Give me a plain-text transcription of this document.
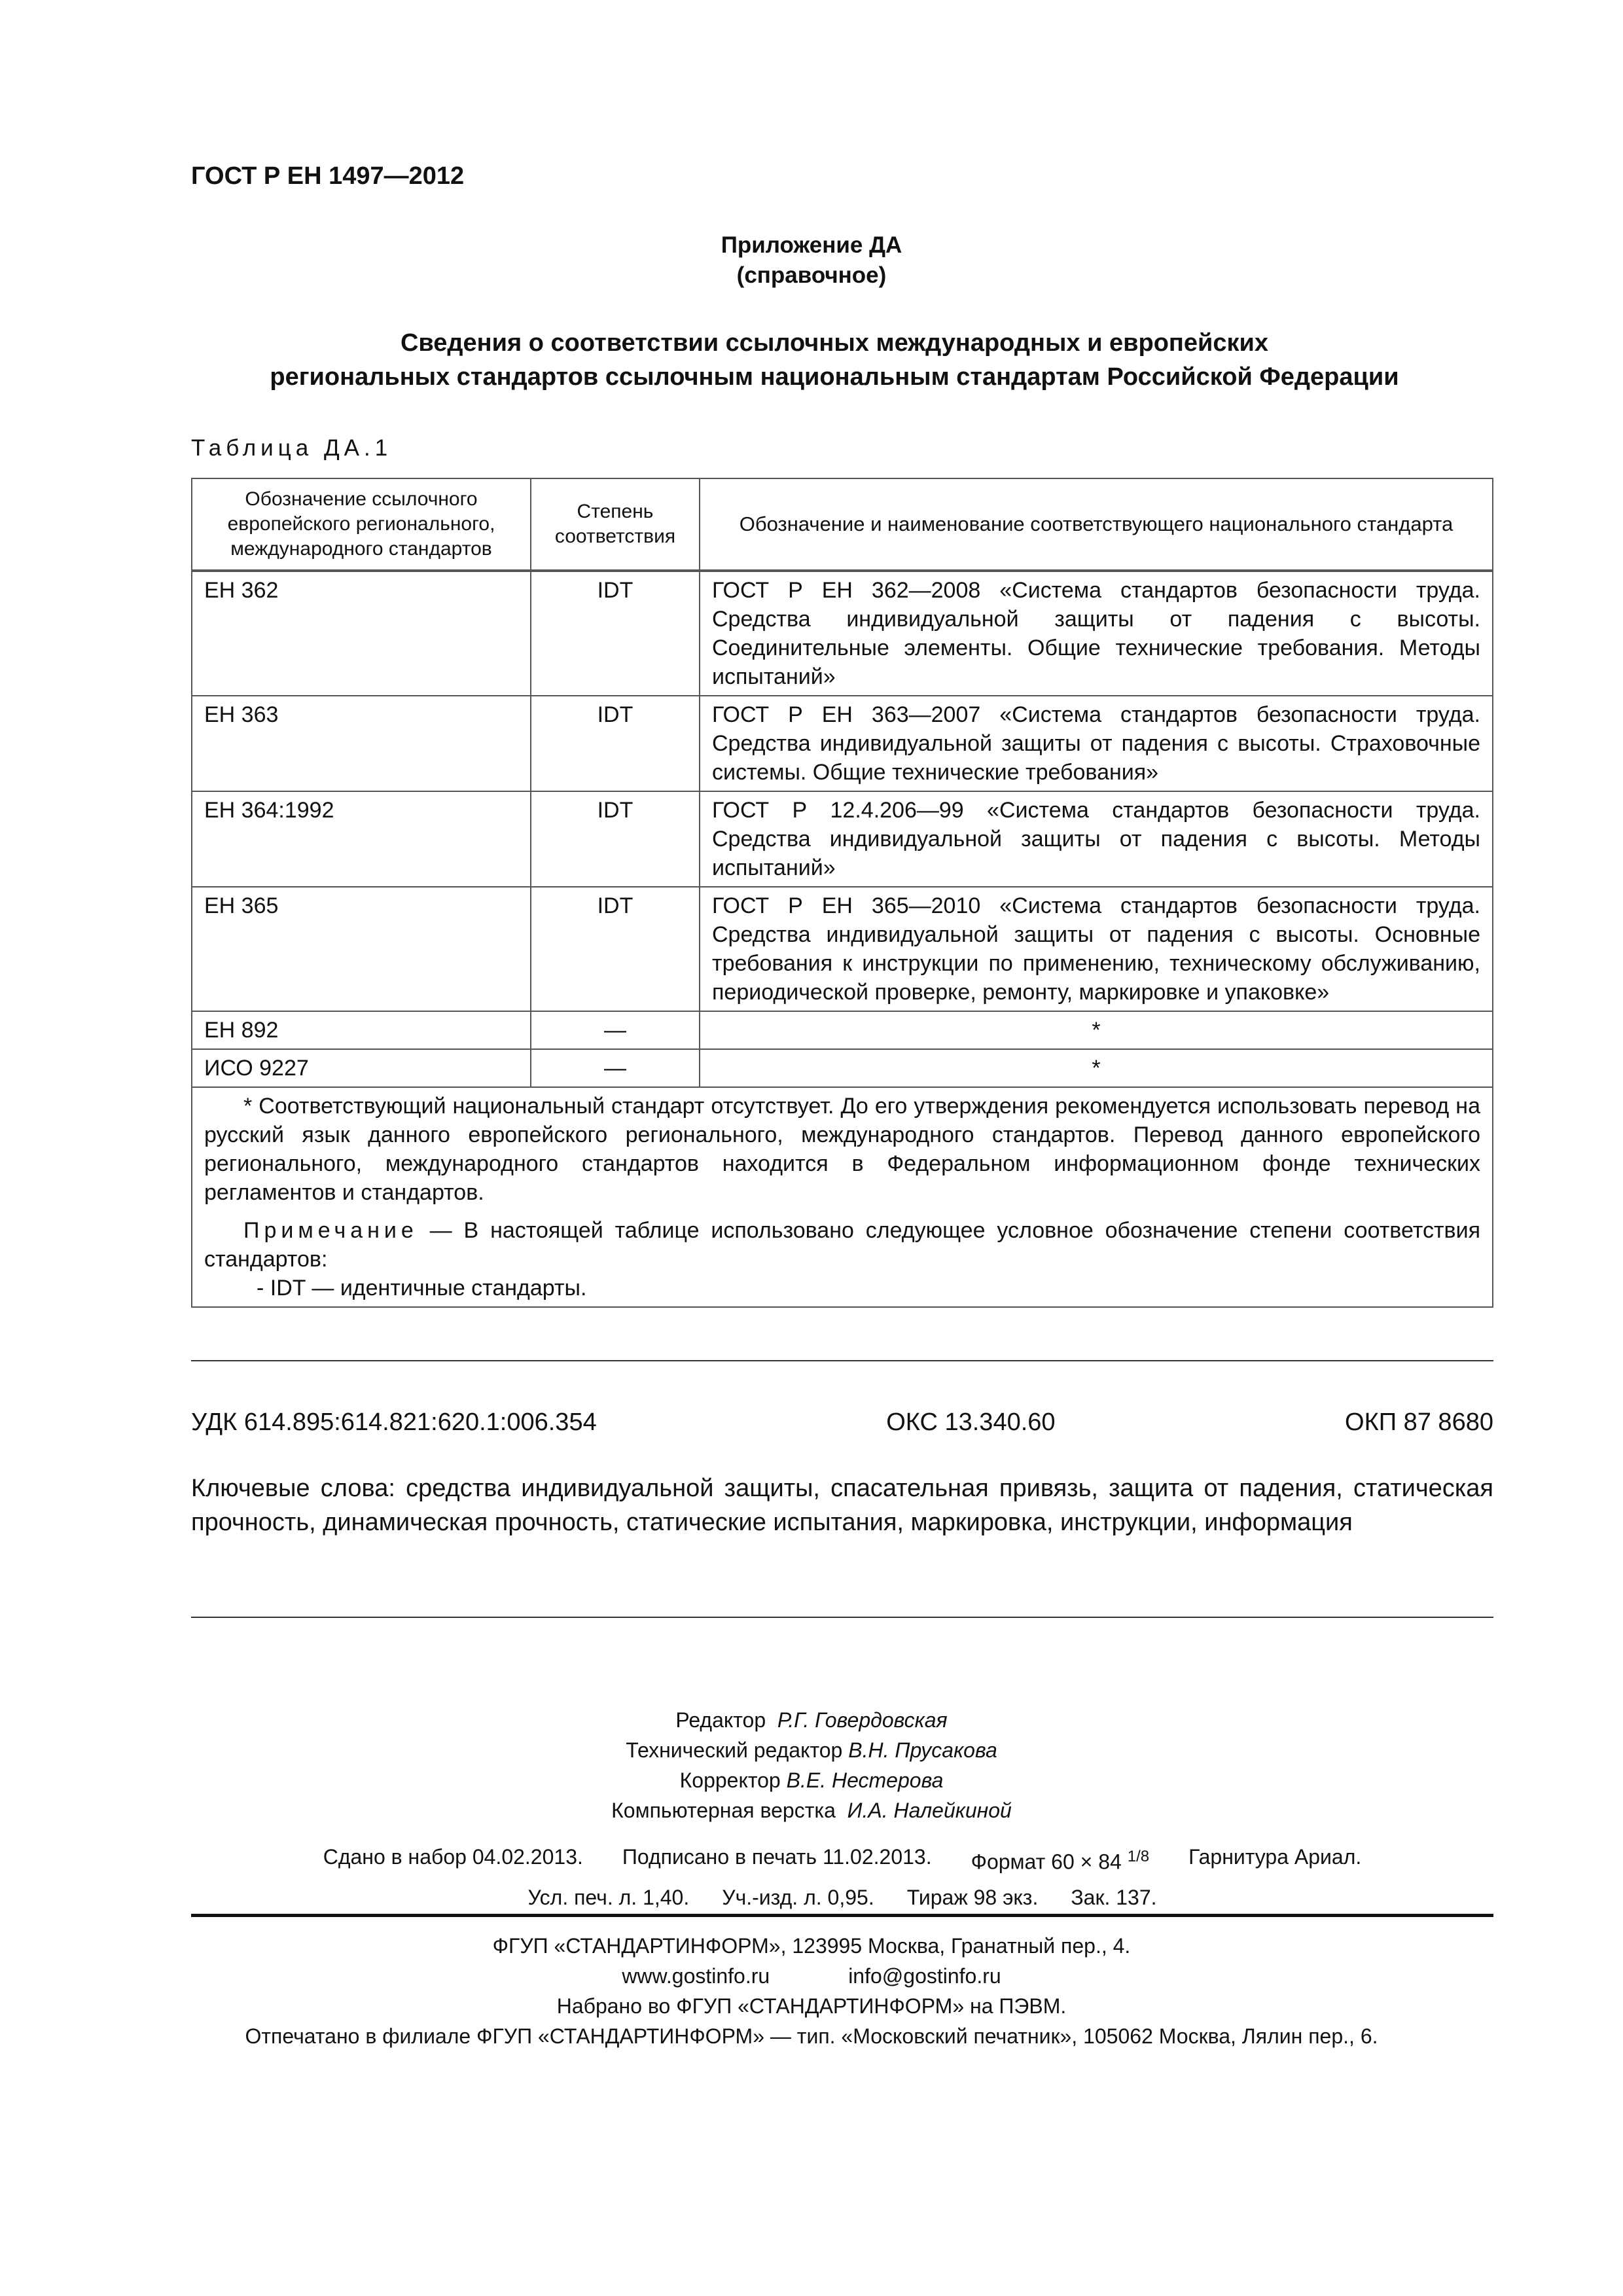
ГОСТ Р ЕН 1497—2012
Приложение ДА
(справочное)
Сведения о соответствии ссылочных международных и европейских
региональных стандартов ссылочным национальным стандартам Российской Федерации
Таблица ДА.1
Обозначение ссылочного европейского регионального, международного стандартов	Степень соответствия	Обозначение и наименование соответствующего национального стандарта
ЕН 362	IDT	ГОСТ Р ЕН 362—2008 «Система стандартов безопасности труда. Средства индивидуальной защиты от падения с высоты. Соединительные элементы. Общие технические требования. Методы испытаний»
ЕН 363	IDT	ГОСТ Р ЕН 363—2007 «Система стандартов безопасности труда. Средства индивидуальной защиты от падения с высоты. Страховочные системы. Общие технические требования»
ЕН 364:1992	IDT	ГОСТ Р 12.4.206—99 «Система стандартов безопасности труда. Средства индивидуальной защиты от падения с высоты. Методы испытаний»
ЕН 365	IDT	ГОСТ Р ЕН 365—2010 «Система стандартов безопасности труда. Средства индивидуальной защиты от падения с высоты. Основные требования к инструкции по применению, техническому обслуживанию, периодической проверке, ремонту, маркировке и упаковке»
ЕН 892	—	*
ИСО 9227	—	*

* Соответствующий национальный стандарт отсутствует. До его утверждения рекомендуется использовать перевод на русский язык данного европейского регионального, международного стандартов. Перевод данного европейского регионального, международного стандартов находится в Федеральном информационном фонде технических регламентов и стандартов.

Примечание — В настоящей таблице использовано следующее условное обозначение степени соответствия стандартов:

- IDT — идентичные стандарты.		
УДК 614.895:614.821:620.1:006.354	ОКС 13.340.60	ОКП 87 8680
Ключевые слова: средства индивидуальной защиты, спасательная привязь, защита от падения, статическая прочность, динамическая прочность, статические испытания, маркировка, инструкции, информация
Редактор Р.Г. Говердовская
Технический редактор В.Н. Прусакова
Корректор В.Е. Нестерова
Компьютерная верстка И.А. Налейкиной
Сдано в набор 04.02.2013. Подписано в печать 11.02.2013. Формат 60 × 84 $^{1/8}$ Гарнитура Ариал.
Усл. печ. л. 1,40. Уч.-изд. л. 0,95. Тираж 98 экз. Зак. 137.
ФГУП «СТАНДАРТИНФОРМ», 123995 Москва, Гранатный пер., 4.
www.gostinfo.ru	info@gostinfo.ru
Набрано во ФГУП «СТАНДАРТИНФОРМ» на ПЭВМ.
Отпечатано в филиале ФГУП «СТАНДАРТИНФОРМ» — тип. «Московский печатник», 105062 Москва, Лялин пер., 6.
